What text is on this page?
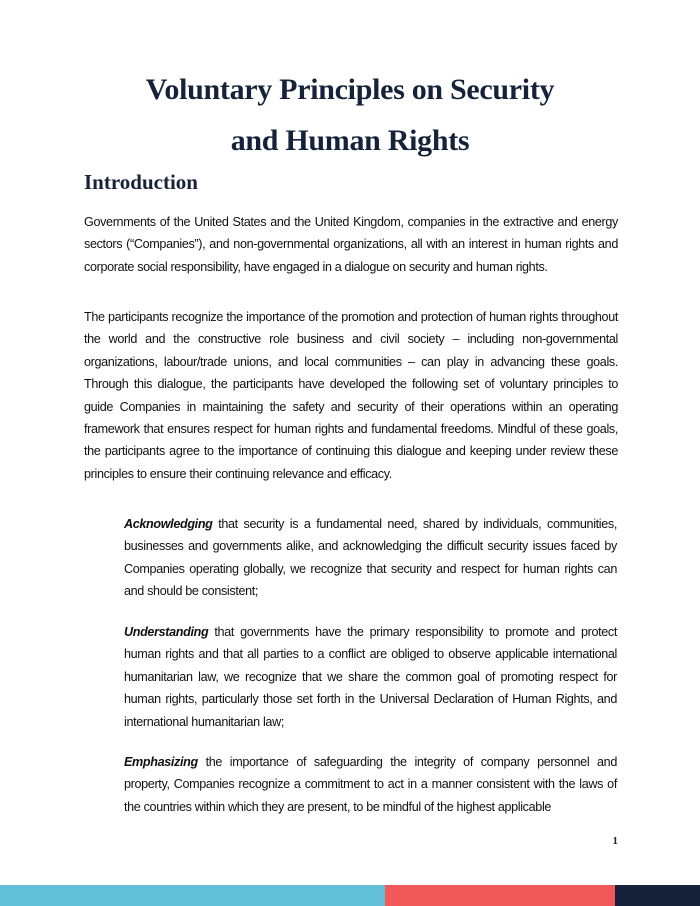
Voluntary Principles on Security
and Human Rights
Introduction

Governments of the United States and the United Kingdom, companies in the extractive and energy sectors (“Companies”), and non-governmental organizations, all with an interest in human rights and corporate social responsibility, have engaged in a dialogue on security and human rights.

The participants recognize the importance of the promotion and protection of human rights throughout the world and the constructive role business and civil society – including non-governmental organizations, labour/trade unions, and local communities – can play in advancing these goals. Through this dialogue, the participants have developed the following set of voluntary principles to guide Companies in maintaining the safety and security of their operations within an operating framework that ensures respect for human rights and fundamental freedoms. Mindful of these goals, the participants agree to the importance of continuing this dialogue and keeping under review these principles to ensure their continuing relevance and efficacy.

Acknowledging that security is a fundamental need, shared by individuals, communities, businesses and governments alike, and acknowledging the difficult security issues faced by Companies operating globally, we recognize that security and respect for human rights can and should be consistent;

Understanding that governments have the primary responsibility to promote and protect human rights and that all parties to a conflict are obliged to observe applicable international humanitarian law, we recognize that we share the common goal of promoting respect for human rights, particularly those set forth in the Universal Declaration of Human Rights, and international humanitarian law;

Emphasizing the importance of safeguarding the integrity of company personnel and property, Companies recognize a commitment to act in a manner consistent with the laws of the countries within which they are present, to be mindful of the highest applicable

1
